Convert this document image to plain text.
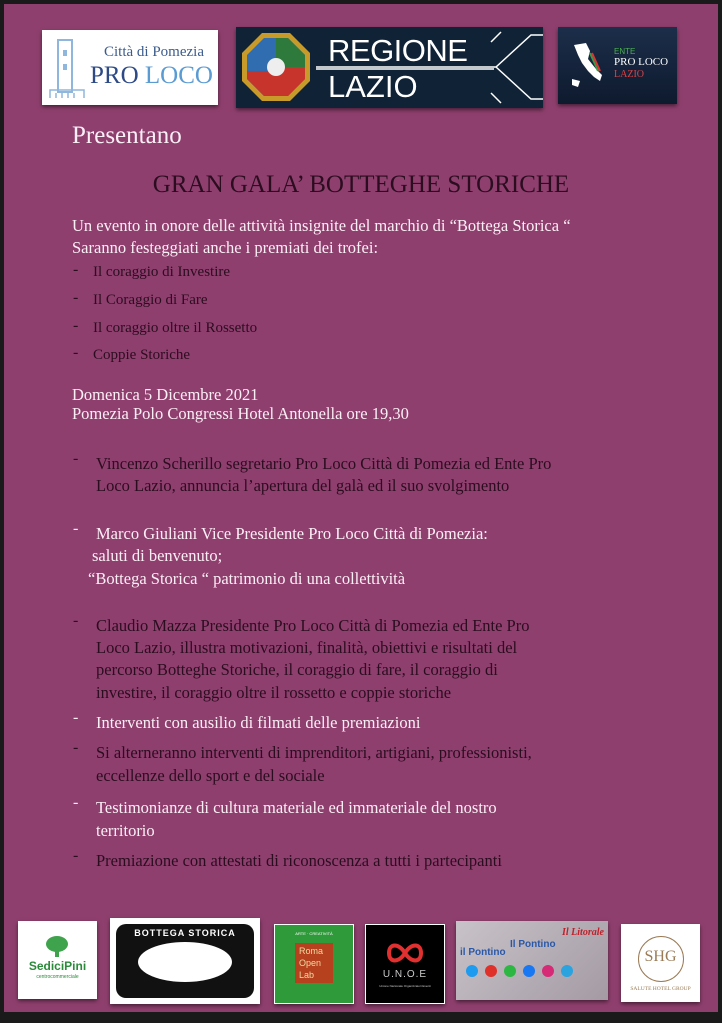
Città di Pomezia
PRO LOCO
REGIONE
LAZIO
ENTE
PRO LOCO
LAZIO
Presentano
GRAN GALA’ BOTTEGHE STORICHE
Un evento in onore delle attività insignite del marchio di “Bottega Storica “
Saranno festeggiati anche i premiati dei trofei:
- Il coraggio di Investire
- Il Coraggio di Fare
- Il coraggio oltre il Rossetto
- Coppie Storiche
Domenica 5 Dicembre 2021
Pomezia Polo Congressi Hotel Antonella ore 19,30
- Vincenzo Scherillo segretario Pro Loco Città di Pomezia ed Ente Pro
Loco Lazio, annuncia l’apertura del galà ed il suo svolgimento
- Marco Giuliani Vice Presidente Pro Loco Città di Pomezia:
saluti di benvenuto;
“Bottega Storica “ patrimonio di una collettività
- Claudio Mazza Presidente Pro Loco Città di Pomezia ed Ente Pro
Loco Lazio, illustra motivazioni, finalità, obiettivi e risultati del
percorso Botteghe Storiche, il coraggio di fare, il coraggio di
investire, il coraggio oltre il rossetto e coppie storiche
- Interventi con ausilio di filmati delle premiazioni
- Si alterneranno interventi di imprenditori, artigiani, professionisti,
eccellenze dello sport e del sociale
- Testimonianze di cultura materiale ed immateriale del nostro
territorio
- Premiazione con attestati di riconoscenza a tutti i partecipanti
SediciPini
centrocommerciale
BOTTEGA STORICA	ARTE · CREATIVITÀ
Roma
Open
Lab	U.N.O.E
Unione Nazionale Organizzatori Eventi
il Pontino
Il Pontino
Il Litorale
SHG
SALUTE HOTEL GROUP
